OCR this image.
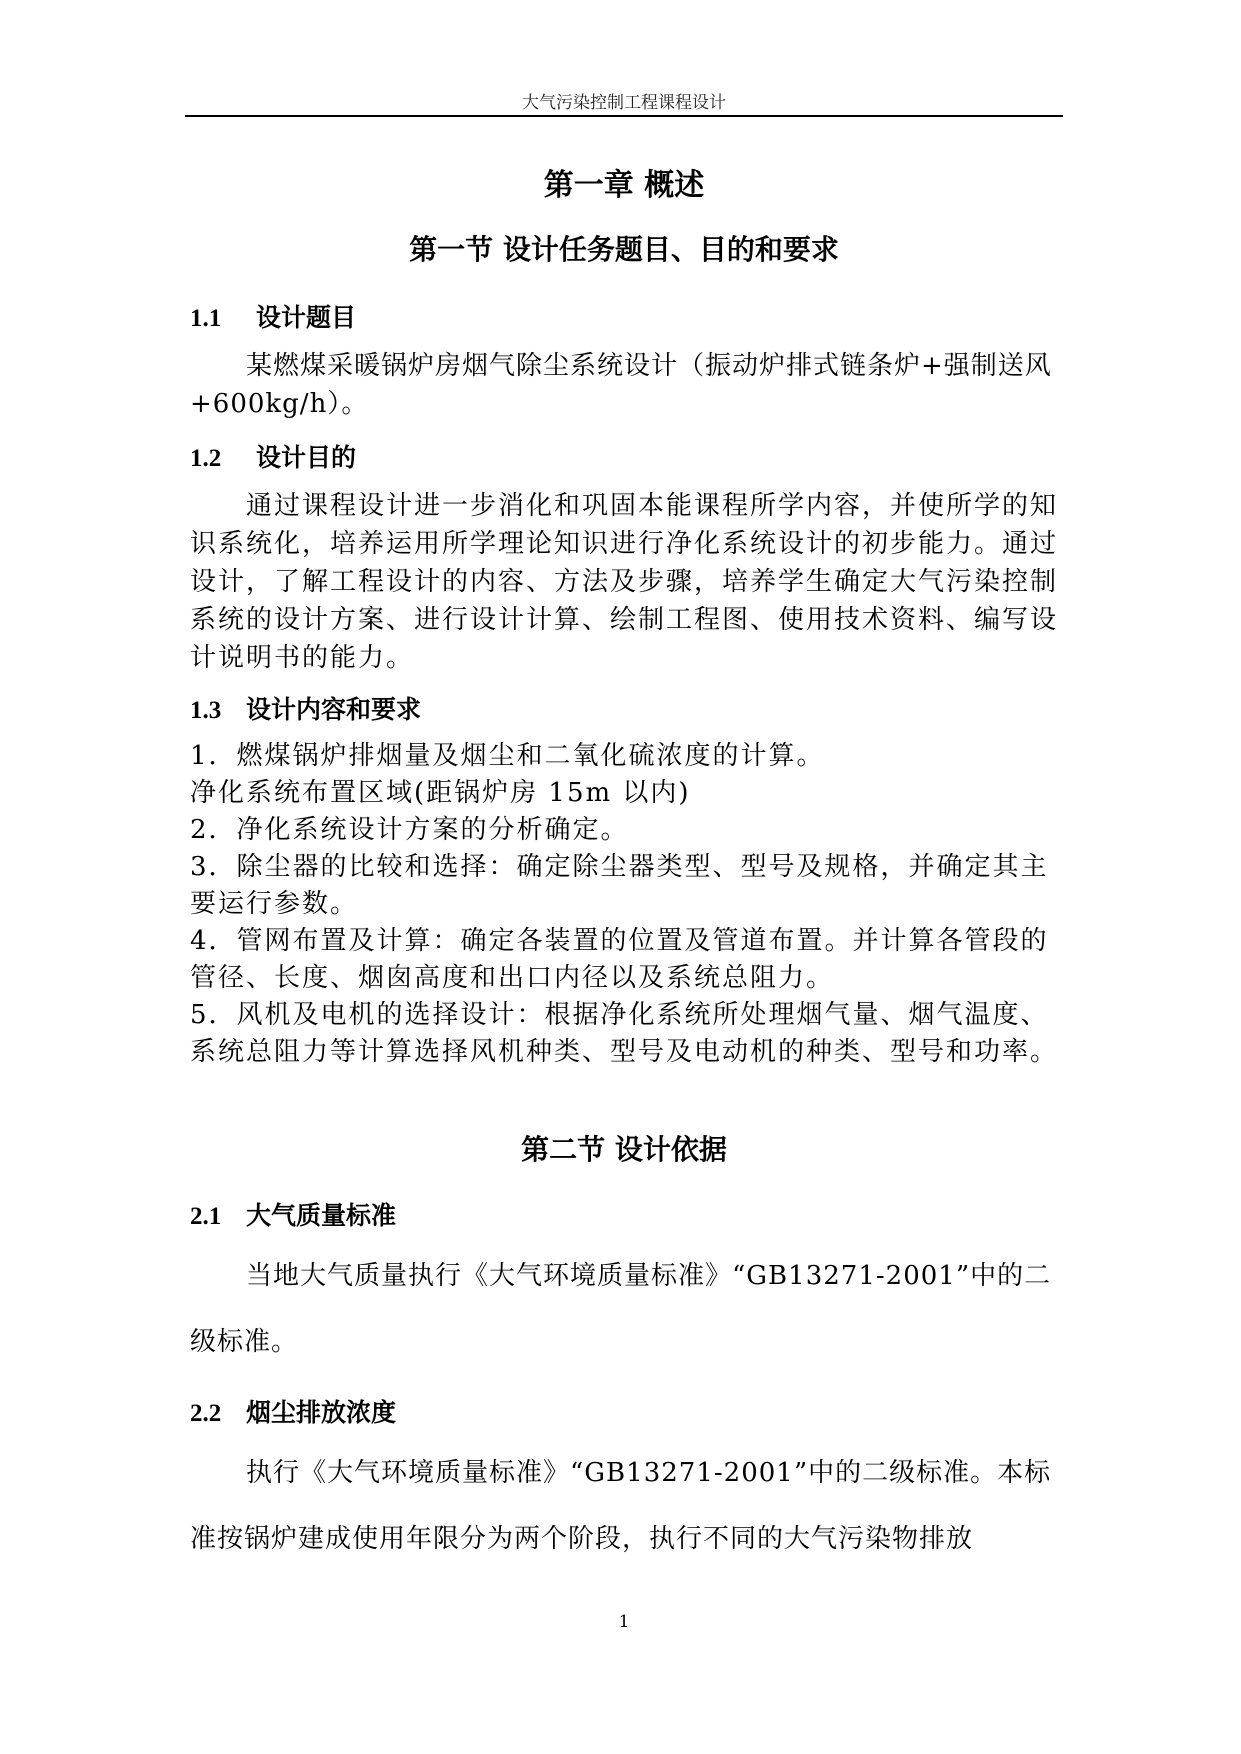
大气污染控制工程课程设计
第一章 概述
第一节 设计任务题目、目的和要求
1.1 设计题目
某燃煤采暖锅炉房烟气除尘系统设计（振动炉排式链条炉+强制送风+600kg/h）。
1.2 设计目的
通过课程设计进一步消化和巩固本能课程所学内容，并使所学的知识系统化，培养运用所学理论知识进行净化系统设计的初步能力。通过设计，了解工程设计的内容、方法及步骤，培养学生确定大气污染控制系统的设计方案、进行设计计算、绘制工程图、使用技术资料、编写设计说明书的能力。
1.3 设计内容和要求

1．燃煤锅炉排烟量及烟尘和二氧化硫浓度的计算。

净化系统布置区域(距锅炉房 15m 以内)

2．净化系统设计方案的分析确定。

3．除尘器的比较和选择：确定除尘器类型、型号及规格，并确定其主要运行参数。

4．管网布置及计算：确定各装置的位置及管道布置。并计算各管段的管径、长度、烟囱高度和出口内径以及系统总阻力。

5．风机及电机的选择设计：根据净化系统所处理烟气量、烟气温度、系统总阻力等计算选择风机种类、型号及电动机的种类、型号和功率。

第二节 设计依据
2.1 大气质量标准
当地大气质量执行《大气环境质量标准》“GB13271-2001”中的二级标准。
2.2 烟尘排放浓度
执行《大气环境质量标准》“GB13271-2001”中的二级标准。本标准按锅炉建成使用年限分为两个阶段，执行不同的大气污染物排放
1
